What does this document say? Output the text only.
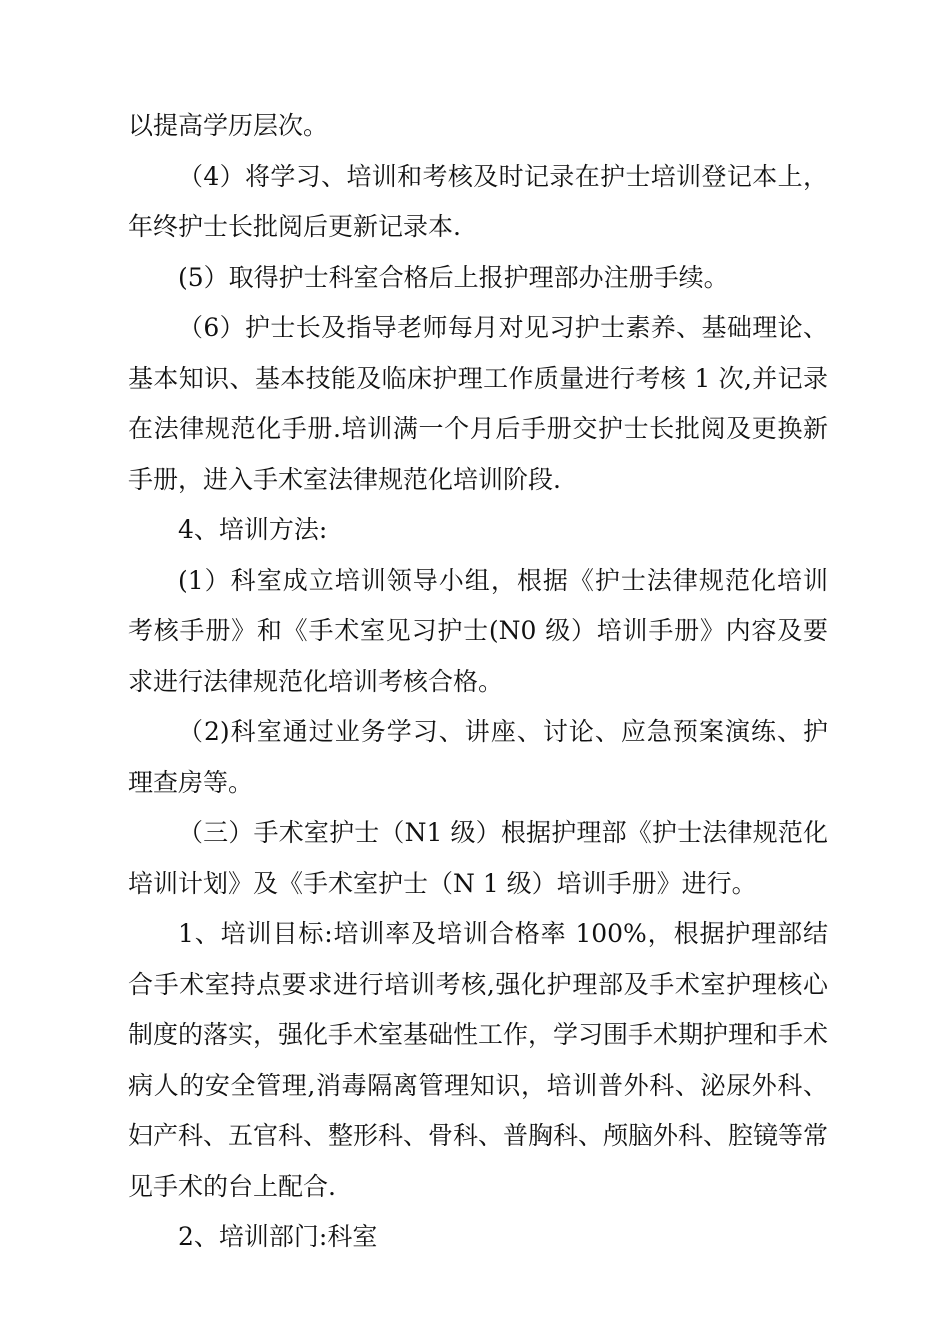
以提高学历层次。

（4）将学习、培训和考核及时记录在护士培训登记本上，年终护士长批阅后更新记录本.

(5）取得护士科室合格后上报护理部办注册手续。

（6）护士长及指导老师每月对见习护士素养、基础理论、基本知识、基本技能及临床护理工作质量进行考核 1 次,并记录在法律规范化手册.培训满一个月后手册交护士长批阅及更换新手册，进入手术室法律规范化培训阶段.

4、培训方法:

(1）科室成立培训领导小组，根据《护士法律规范化培训考核手册》和《手术室见习护士(N0 级）培训手册》内容及要求进行法律规范化培训考核合格。

（2)科室通过业务学习、讲座、讨论、应急预案演练、护理查房等。

（三）手术室护士（N1 级）根据护理部《护士法律规范化培训计划》及《手术室护士（N 1 级）培训手册》进行。

1、培训目标:培训率及培训合格率 100%，根据护理部结合手术室持点要求进行培训考核,强化护理部及手术室护理核心制度的落实，强化手术室基础性工作，学习围手术期护理和手术病人的安全管理,消毒隔离管理知识，培训普外科、泌尿外科、妇产科、五官科、整形科、骨科、普胸科、颅脑外科、腔镜等常见手术的台上配合.

2、培训部门:科室
